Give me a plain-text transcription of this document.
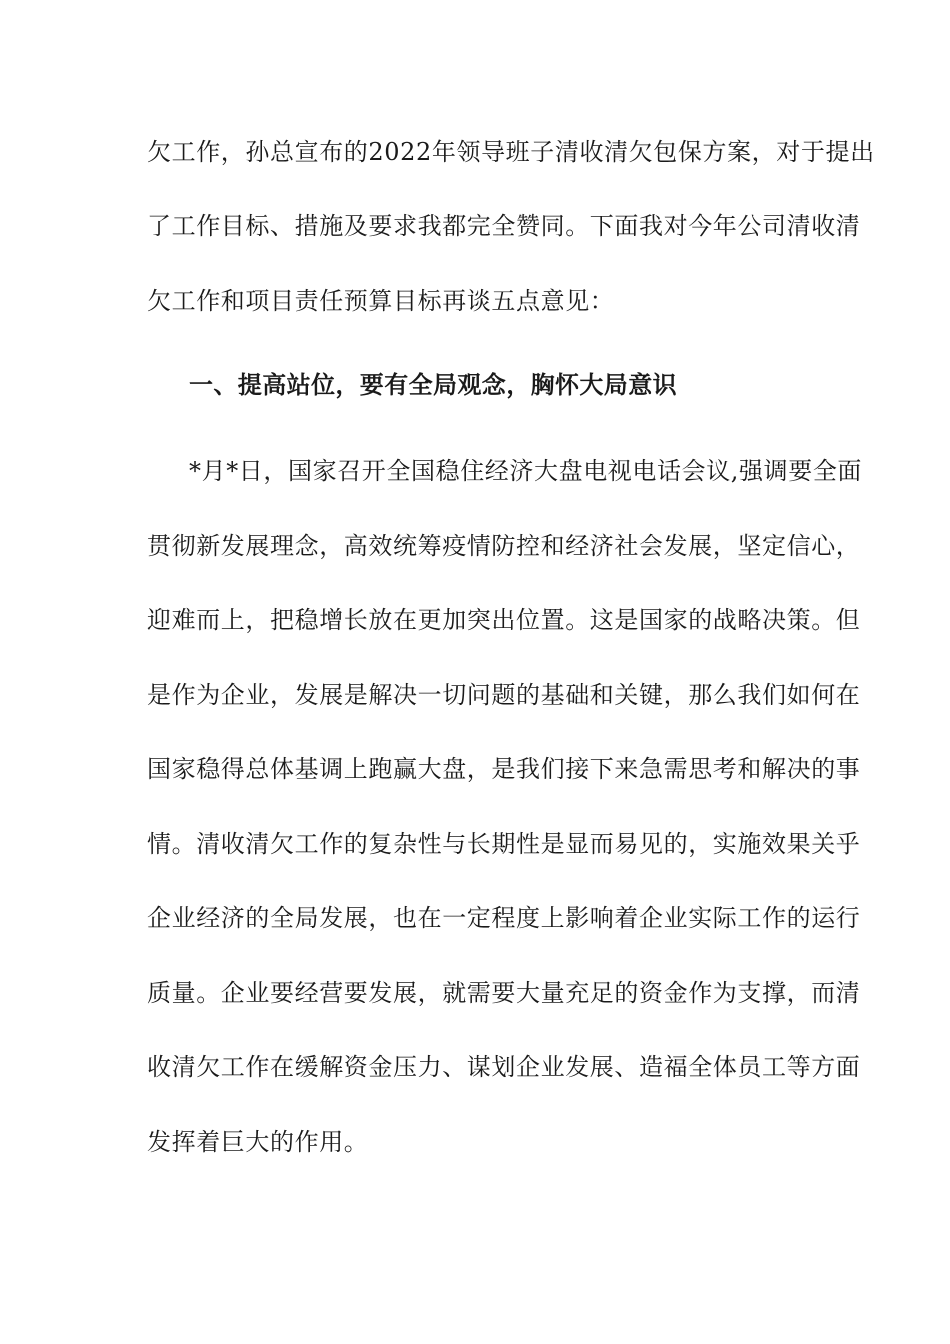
欠工作，孙总宣布的2022年领导班子清收清欠包保方案，对于提出
了工作目标、措施及要求我都完全赞同。下面我对今年公司清收清
欠工作和项目责任预算目标再谈五点意见：
一、提高站位，要有全局观念，胸怀大局意识
*月*日，国家召开全国稳住经济大盘电视电话会议,强调要全面
贯彻新发展理念，高效统筹疫情防控和经济社会发展，坚定信心，
迎难而上，把稳增长放在更加突出位置。这是国家的战略决策。但
是作为企业，发展是解决一切问题的基础和关键，那么我们如何在
国家稳得总体基调上跑赢大盘，是我们接下来急需思考和解决的事
情。清收清欠工作的复杂性与长期性是显而易见的，实施效果关乎
企业经济的全局发展，也在一定程度上影响着企业实际工作的运行
质量。企业要经营要发展，就需要大量充足的资金作为支撑，而清
收清欠工作在缓解资金压力、谋划企业发展、造福全体员工等方面
发挥着巨大的作用。
